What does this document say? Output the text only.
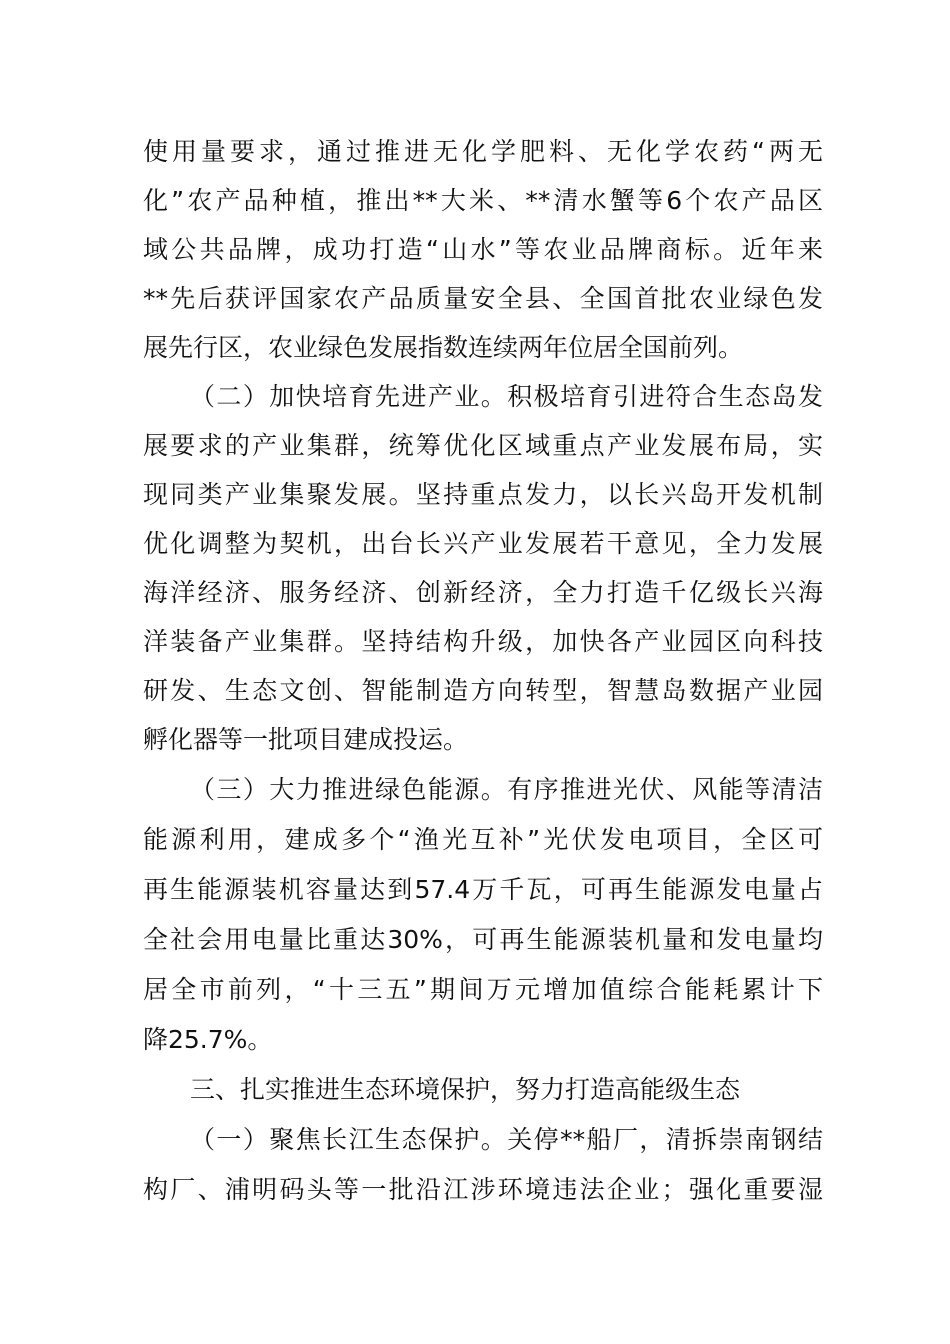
使用量要求，通过推进无化学肥料、无化学农药“两无
化”农产品种植，推出**大米、**清水蟹等6个农产品区
域公共品牌，成功打造“山水”等农业品牌商标。近年来
**先后获评国家农产品质量安全县、全国首批农业绿色发
展先行区，农业绿色发展指数连续两年位居全国前列。
（二）加快培育先进产业。积极培育引进符合生态岛发
展要求的产业集群，统筹优化区域重点产业发展布局，实
现同类产业集聚发展。坚持重点发力，以长兴岛开发机制
优化调整为契机，出台长兴产业发展若干意见，全力发展
海洋经济、服务经济、创新经济，全力打造千亿级长兴海
洋装备产业集群。坚持结构升级，加快各产业园区向科技
研发、生态文创、智能制造方向转型，智慧岛数据产业园
孵化器等一批项目建成投运。
（三）大力推进绿色能源。有序推进光伏、风能等清洁
能源利用，建成多个“渔光互补”光伏发电项目，全区可
再生能源装机容量达到57.4万千瓦，可再生能源发电量占
全社会用电量比重达30%，可再生能源装机量和发电量均
居全市前列，“十三五”期间万元增加值综合能耗累计下
降25.7%。
三、扎实推进生态环境保护，努力打造高能级生态
（一）聚焦长江生态保护。关停**船厂，清拆崇南钢结
构厂、浦明码头等一批沿江涉环境违法企业；强化重要湿
